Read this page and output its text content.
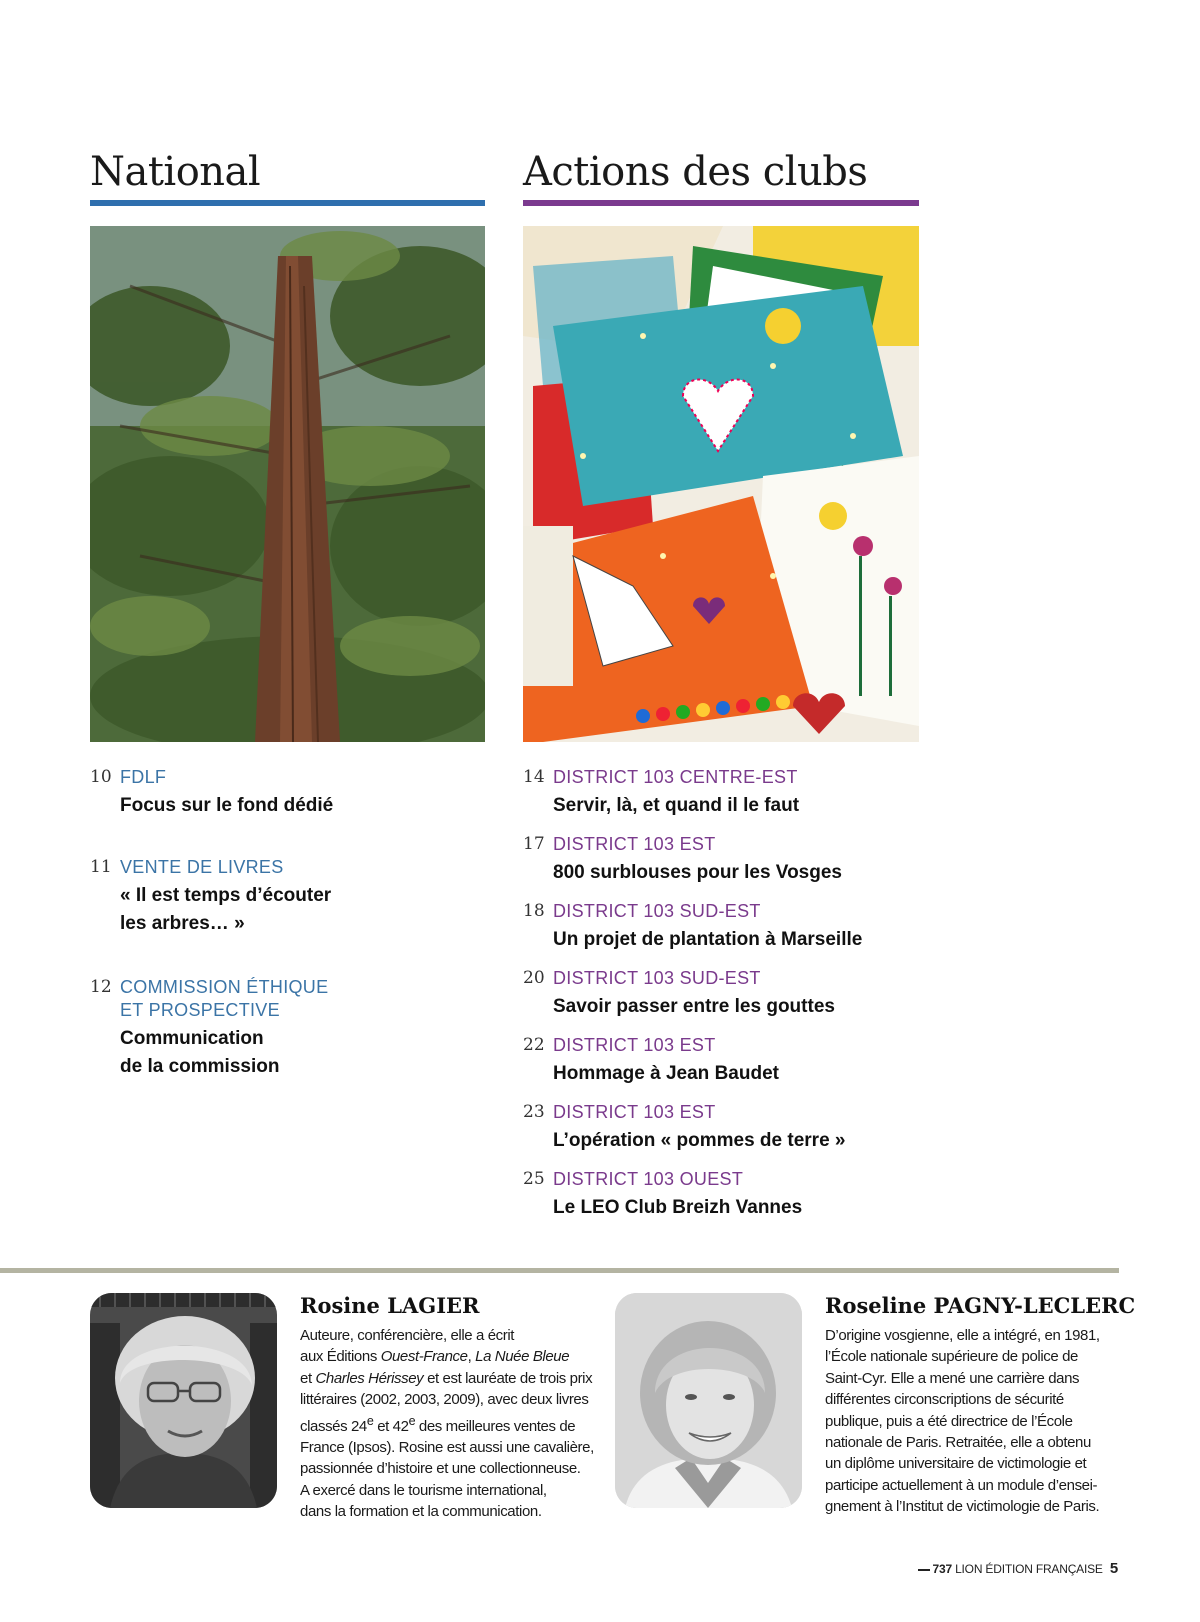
National
10 FDLF
Focus sur le fond dédié
11 VENTE DE LIVRES
« Il est temps d’écouter
les arbres… »
12 COMMISSION ÉTHIQUE
ET PROSPECTIVE
Communication
de la commission
Actions des clubs
14 DISTRICT 103 CENTRE-EST
Servir, là, et quand il le faut
17 DISTRICT 103 EST
800 surblouses pour les Vosges
18 DISTRICT 103 SUD-EST
Un projet de plantation à Marseille
20 DISTRICT 103 SUD-EST
Savoir passer entre les gouttes
22 DISTRICT 103 EST
Hommage à Jean Baudet
23 DISTRICT 103 EST
L’opération « pommes de terre »
25 DISTRICT 103 OUEST
Le LEO Club Breizh Vannes
Rosine LAGIER

Auteure, conférencière, elle a écrit
aux Éditions Ouest-France, La Nuée Bleue
et Charles Hérissey et est lauréate de trois prix
littéraires (2002, 2003, 2009), avec deux livres
classés 24e et 42e des meilleures ventes de
France (Ipsos). Rosine est aussi une cavalière,
passionnée d’histoire et une collectionneuse.
A exercé dans le tourisme international,
dans la formation et la communication.

Roseline PAGNY-LECLERC

D’origine vosgienne, elle a intégré, en 1981,
l’École nationale supérieure de police de
Saint-Cyr. Elle a mené une carrière dans
différentes circonscriptions de sécurité
publique, puis a été directrice de l’École
nationale de Paris. Retraitée, elle a obtenu
un diplôme universitaire de victimologie et
participe actuellement à un module d’ensei-
gnement à l’Institut de victimologie de Paris.

737 LION ÉDITION FRANÇAISE 5
